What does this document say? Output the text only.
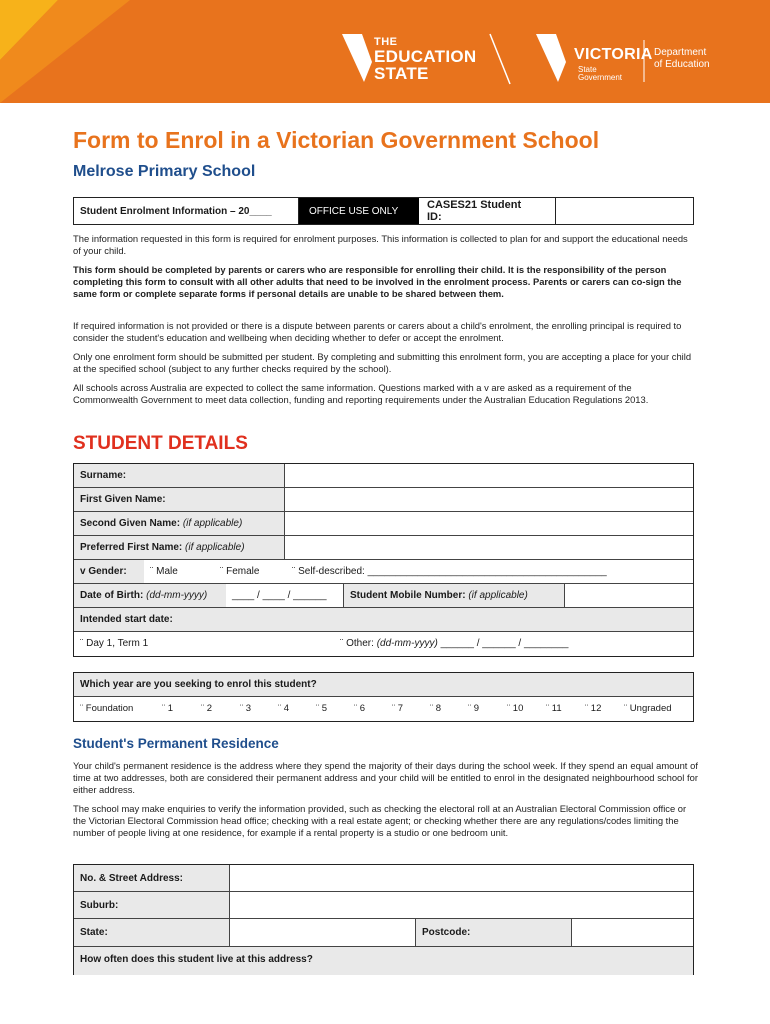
THE
EDUCATION
STATE
VICTORIA
State
Government
Department
of Education
Form to Enrol in a Victorian Government School
Melrose Primary School
Student Enrolment Information – 20____	OFFICE USE ONLY
CASES21 Student
ID:
The information requested in this form is required for enrolment purposes. This information is collected to plan for and support the educational needs of your child.
This form should be completed by parents or carers who are responsible for enrolling their child. It is the responsibility of the person completing this form to consult with all other adults that need to be involved in the enrolment process. Parents or carers can co-sign the same form or complete separate forms if personal details are unable to be shared between them.
If required information is not provided or there is a dispute between parents or carers about a child's enrolment, the enrolling principal is required to consider the student's education and wellbeing when deciding whether to defer or accept the enrolment.
Only one enrolment form should be submitted per student. By completing and submitting this enrolment form, you are accepting a place for your child at the specified school (subject to any further checks required by the school).
All schools across Australia are expected to collect the same information. Questions marked with a v are asked as a requirement of the Commonwealth Government to meet data collection, funding and reporting requirements under the Australian Education Regulations 2013.
STUDENT DETAILS
Surname:
First Given Name:
Second Given Name: (if applicable)
Preferred First Name: (if applicable)
v Gender:	¨ Male	¨ Female	¨ Self-described: ___________________________________________
Date of Birth: (dd-mm-yyyy)	____ / ____ / ______	Student Mobile Number: (if applicable)
Intended start date:
¨ Day 1, Term 1	¨ Other: (dd-mm-yyyy) ______ / ______ / ________
Which year are you seeking to enrol this student?
¨ Foundation	¨ 1	¨ 2	¨ 3	¨ 4	¨ 5	¨ 6	¨ 7	¨ 8	¨ 9	¨ 10	¨ 11	¨ 12	¨ Ungraded
Student's Permanent Residence
Your child's permanent residence is the address where they spend the majority of their days during the school week. If they spend an equal amount of time at two addresses, both are considered their permanent address and your child will be entitled to enrol in the designated neighbourhood school for either address.
The school may make enquiries to verify the information provided, such as checking the electoral roll at an Australian Electoral Commission office or the Victorian Electoral Commission head office; checking with a real estate agent; or checking whether there are any regulations/codes limiting the number of people living at one residence, for example if a rental property is a studio or one bedroom unit.
No. & Street Address:
Suburb:
State:	Postcode:
How often does this student live at this address?
